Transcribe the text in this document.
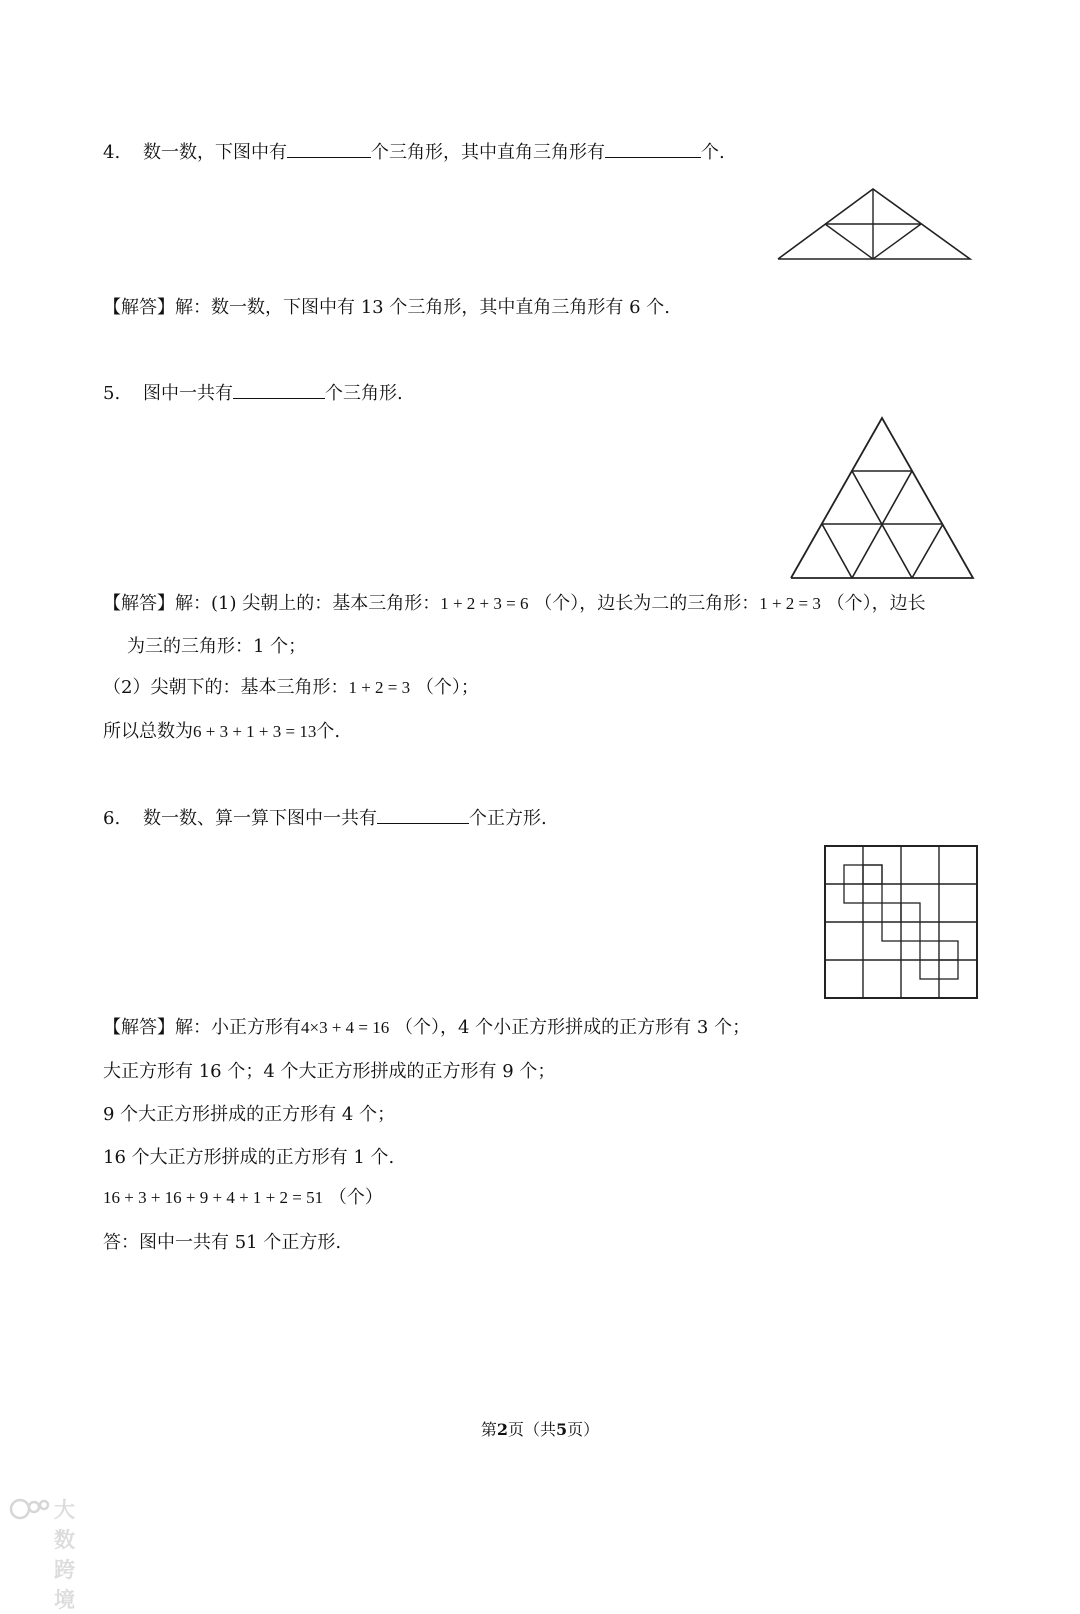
4. 数一数，下图中有	个三角形，其中直角三角形有	个.
【解答】解：数一数，下图中有 13 个三角形，其中直角三角形有 6 个.
5. 图中一共有	个三角形.
【解答】解：(1) 尖朝上的：基本三角形：1 + 2 + 3 = 6 （个），边长为二的三角形：1 + 2 = 3 （个），边长
为三的三角形：1 个；
（2）尖朝下的：基本三角形：1 + 2 = 3 （个）；
所以总数为6 + 3 + 1 + 3 = 13个.
6. 数一数、算一算下图中一共有	个正方形.
【解答】解：小正方形有4×3 + 4 = 16 （个），4 个小正方形拼成的正方形有 3 个；
大正方形有 16 个；4 个大正方形拼成的正方形有 9 个；
9 个大正方形拼成的正方形有 4 个；
16 个大正方形拼成的正方形有 1 个.
16 + 3 + 16 + 9 + 4 + 1 + 2 = 51 （个）
答：图中一共有 51 个正方形.
第2页（共5页）
大数跨境
